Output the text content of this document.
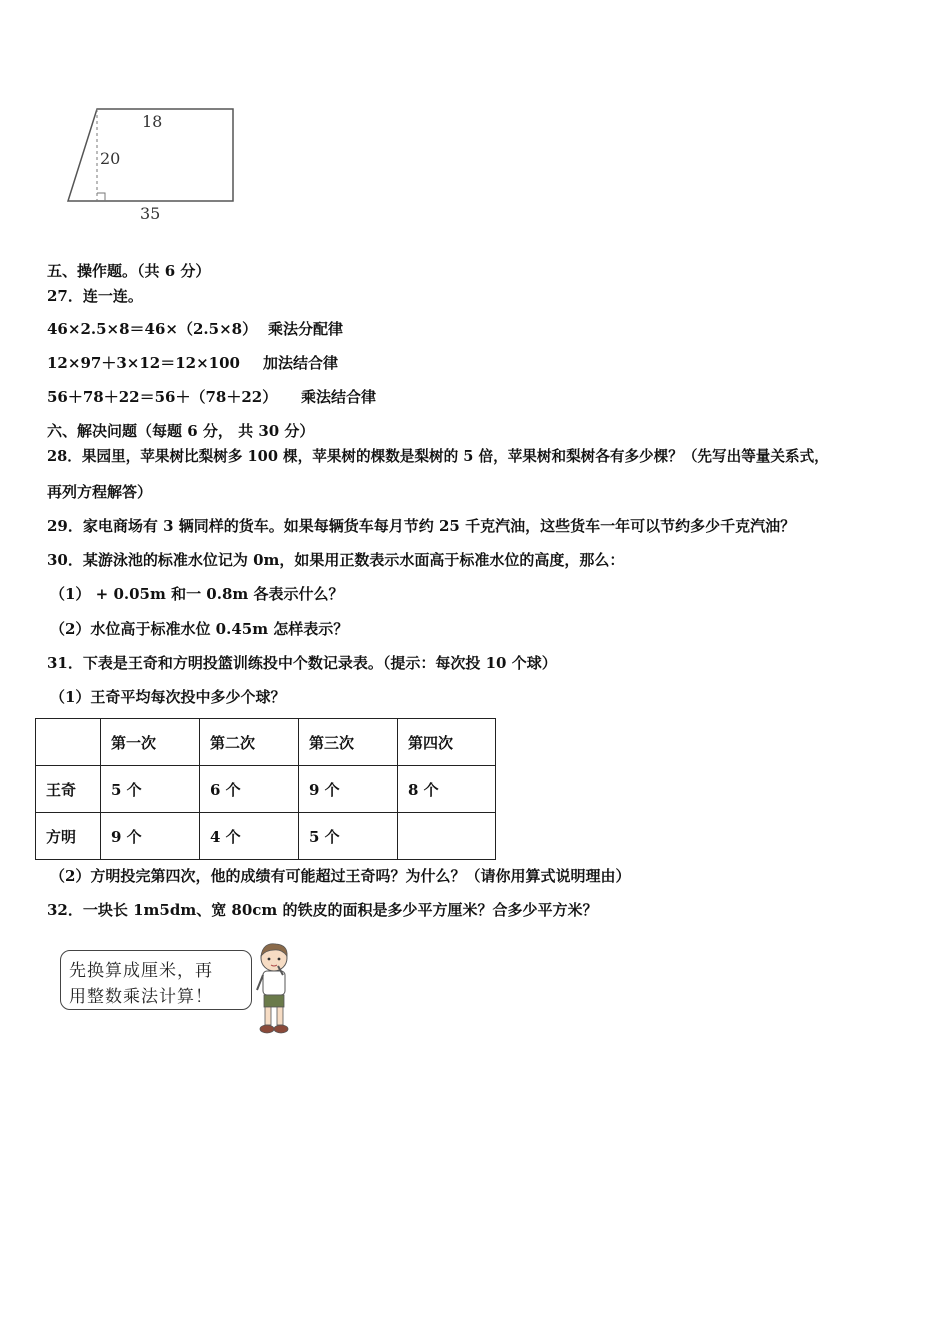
18
20
35
五、操作题。（共 6 分）
27．连一连。
46×2.5×8＝46×（2.5×8） 乘法分配律
12×97＋3×12＝12×100 加法结合律
56＋78＋22＝56＋（78＋22） 乘法结合律
六、解决问题（每题 6 分， 共 30 分）
28．果园里，苹果树比梨树多 100 棵，苹果树的棵数是梨树的 5 倍，苹果树和梨树各有多少棵？（先写出等量关系式，
再列方程解答）
29．家电商场有 3 辆同样的货车。如果每辆货车每月节约 25 千克汽油，这些货车一年可以节约多少千克汽油？
30．某游泳池的标准水位记为 0m，如果用正数表示水面高于标准水位的高度，那么：
（1） + 0.05m 和一 0.8m 各表示什么？
（2）水位高于标准水位 0.45m 怎样表示？
31．下表是王奇和方明投篮训练投中个数记录表。（提示：每次投 10 个球）
（1）王奇平均每次投中多少个球？
	第一次	第二次	第三次	第四次
王奇	5 个	6 个	9 个	8 个
方明	9 个	4 个	5 个	
（2）方明投完第四次，他的成绩有可能超过王奇吗？为什么？（请你用算式说明理由）
32．一块长 1m5dm、宽 80cm 的铁皮的面积是多少平方厘米？合多少平方米？
先换算成厘米，再
用整数乘法计算！
